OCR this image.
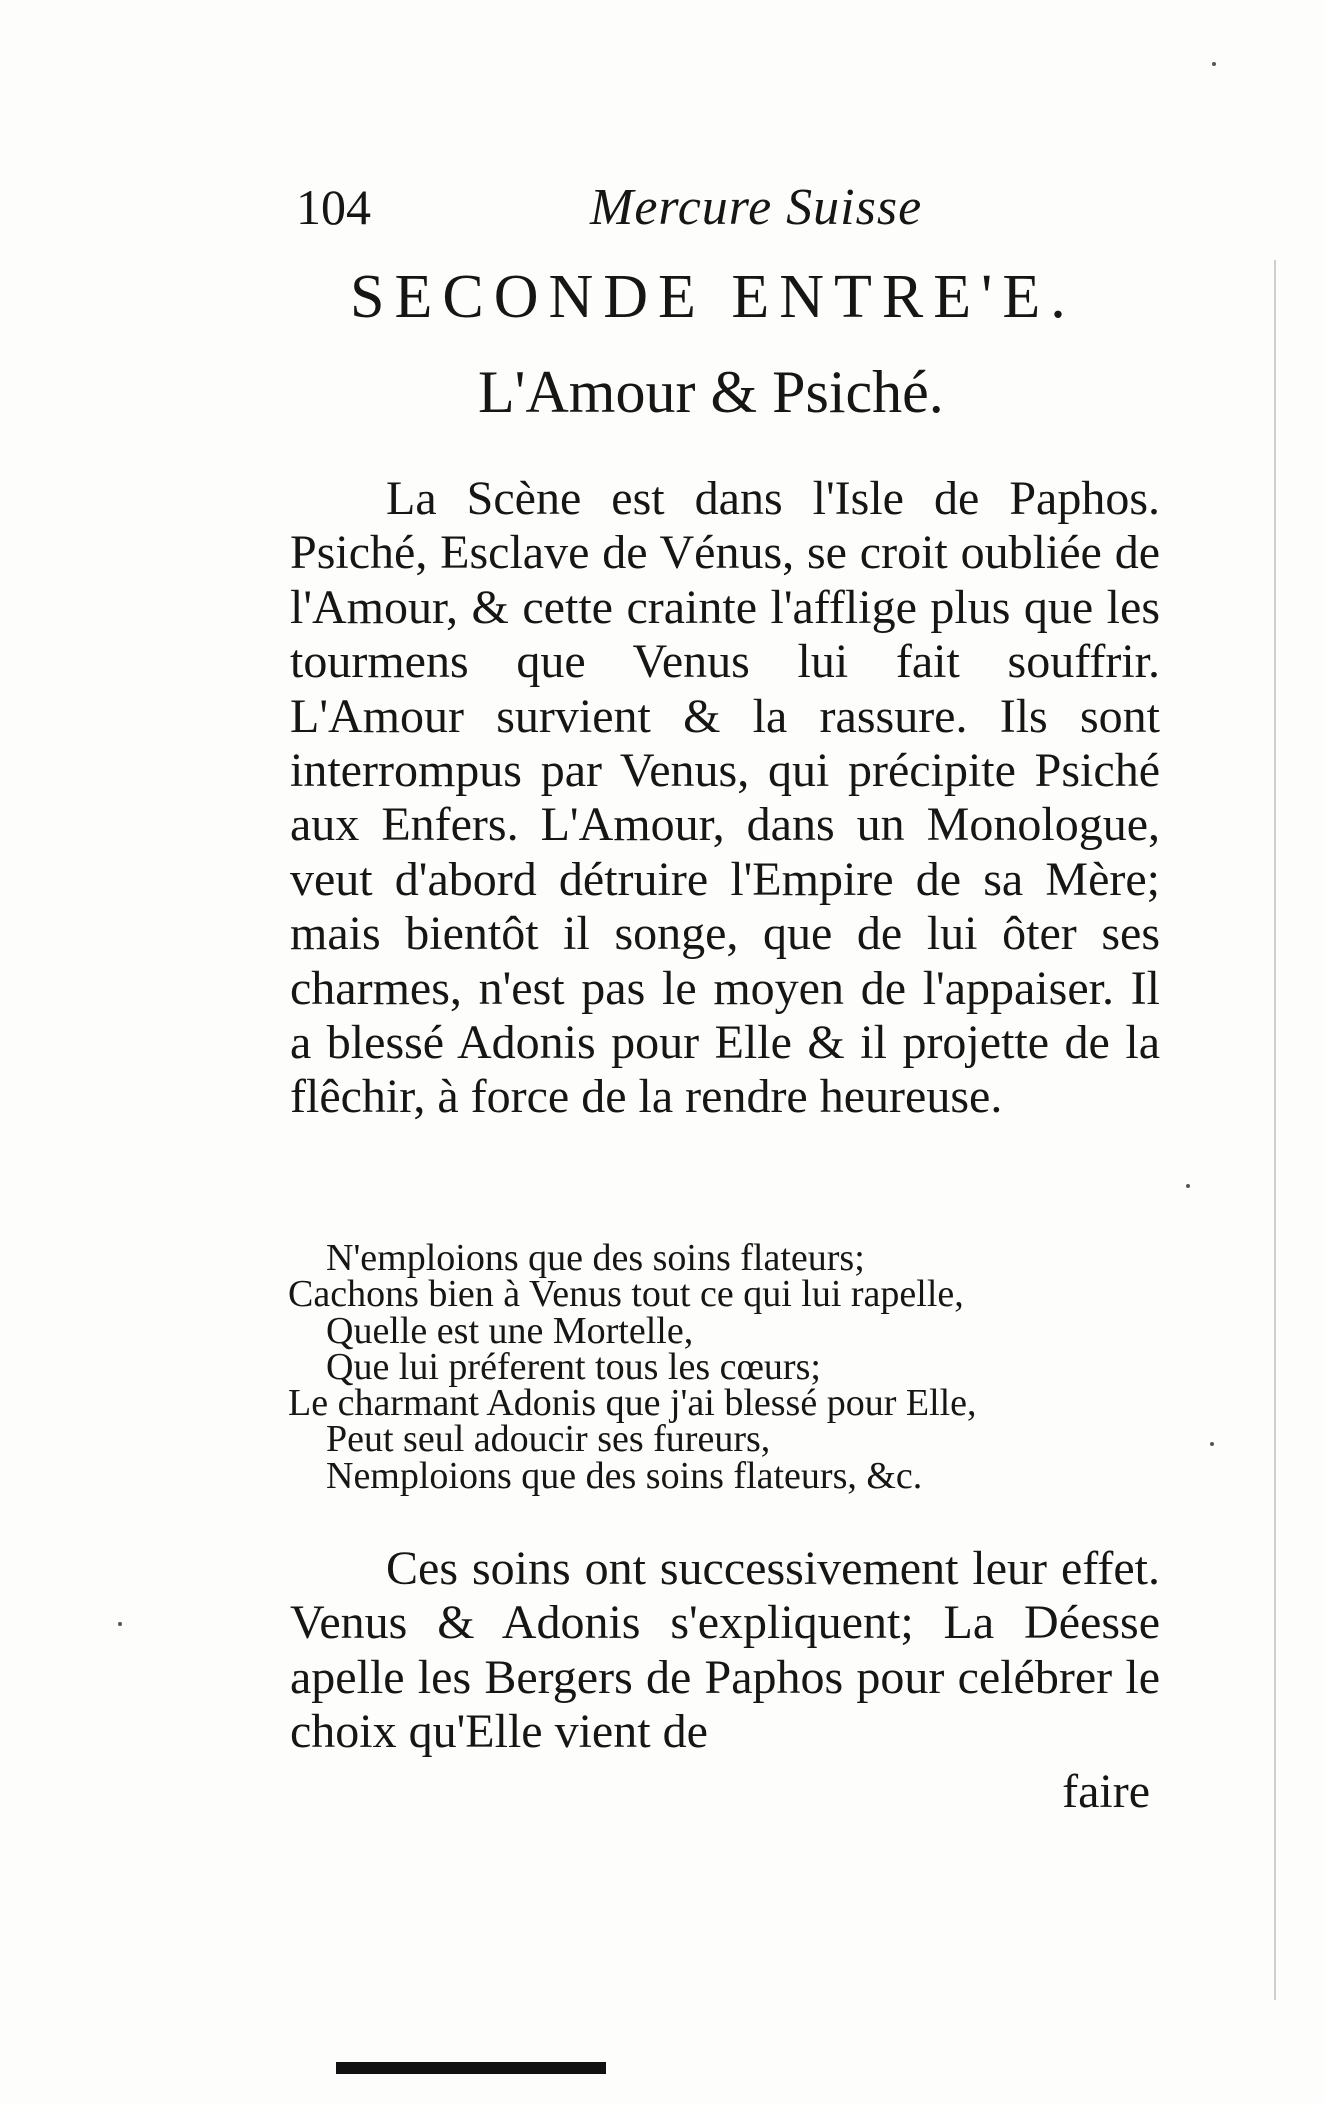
104	Mercure Suisse
SECONDE ENTRE'E.
L'Amour & Psiché.

La Scène est dans l'Isle de Paphos. Psiché, Esclave de Vénus, se croit oubliée de l'Amour, & cette crainte l'afflige plus que les tourmens que Venus lui fait souffrir. L'Amour survient & la rassure. Ils sont interrompus par Venus, qui précipite Psiché aux Enfers. L'Amour, dans un Monologue, veut d'abord détruire l'Empire de sa Mère; mais bientôt il songe, que de lui ôter ses charmes, n'est pas le moyen de l'appaiser. Il a blessé Adonis pour Elle & il projette de la flêchir, à force de la rendre heureuse.

N'emploions que des soins flateurs;
Cachons bien à Venus tout ce qui lui rapelle,
Quelle est une Mortelle,
Que lui préferent tous les cœurs;
Le charmant Adonis que j'ai blessé pour Elle,
Peut seul adoucir ses fureurs,
Nemploions que des soins flateurs, &c.

Ces soins ont successivement leur effet. Venus & Adonis s'expliquent; La Déesse apelle les Bergers de Paphos pour celébrer le choix qu'Elle vient de

faire
